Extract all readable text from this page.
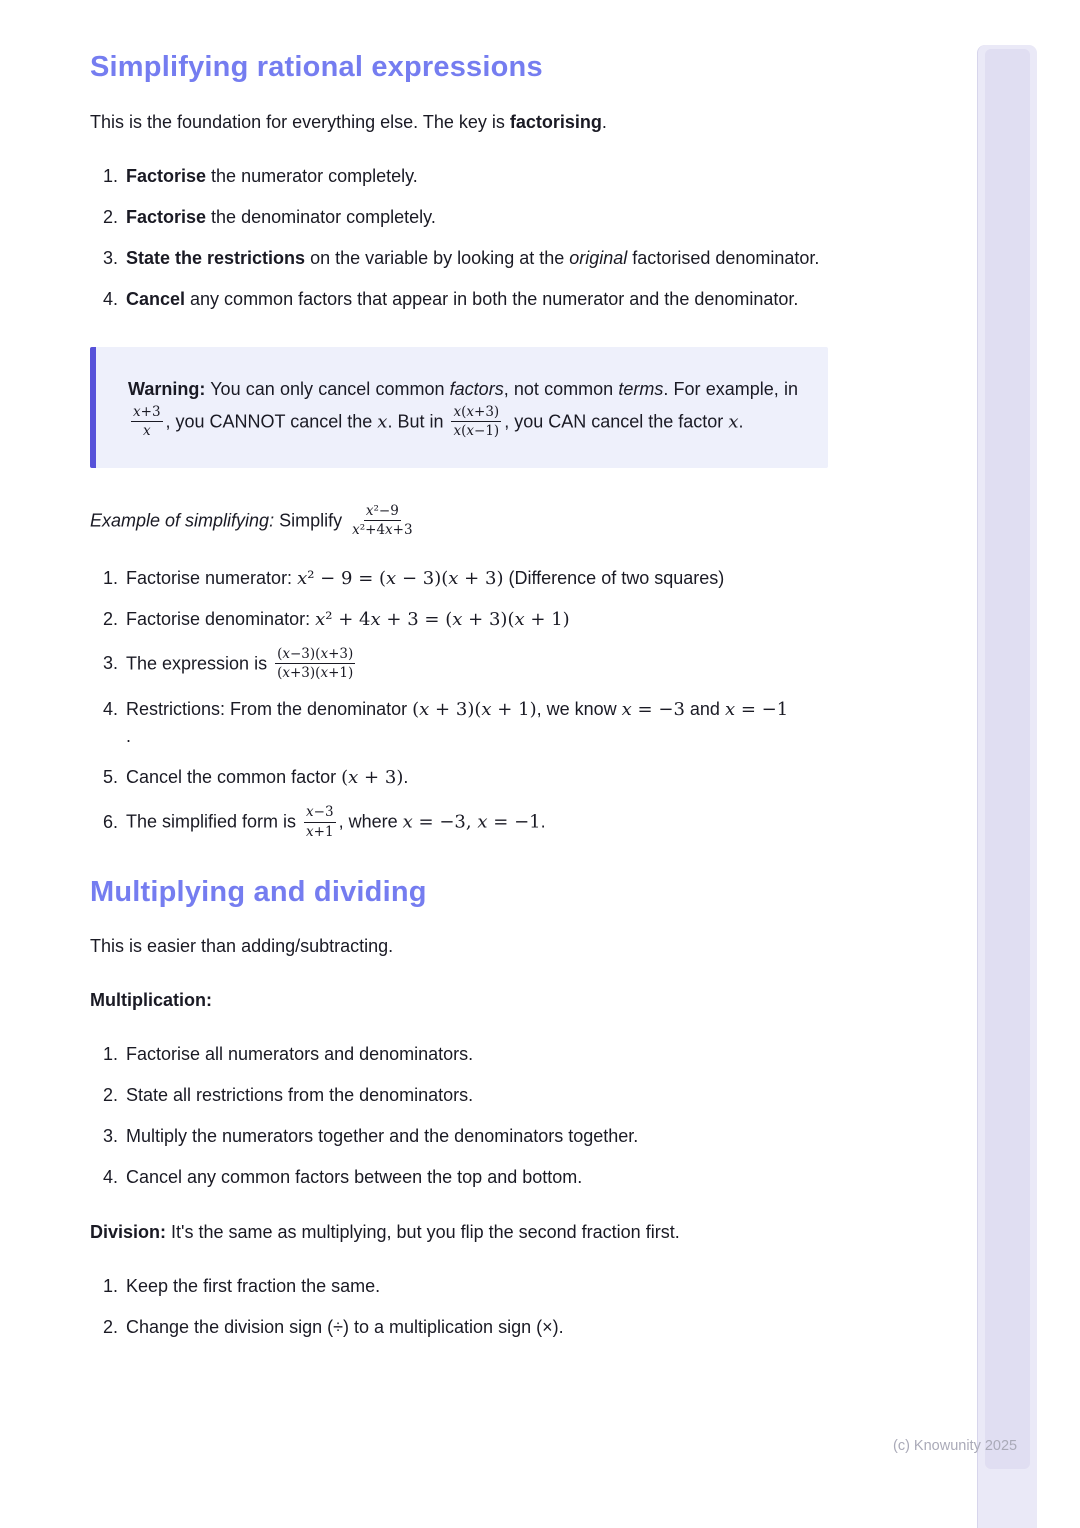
Simplifying rational expressions

This is the foundation for everything else. The key is factorising.

1. Factorise the numerator completely.
2. Factorise the denominator completely.
3. State the restrictions on the variable by looking at the original factorised denominator.
4. Cancel any common factors that appear in both the numerator and the denominator.

Warning: You can only cancel common factors, not common terms. For example, in
$\frac{x+3}{x}$ , you CANNOT cancel the x. But in $\frac{x(x+3)}{x(x-1)}$ , you CAN cancel the factor x.

Example of simplifying: Simplify $\frac{\text{x²−9}}{\text{x²+4x+3}}$

1. Factorise numerator: x² − 9 = (x − 3)(x + 3) (Difference of two squares)
2. Factorise denominator: x² + 4x + 3 = (x + 3)(x + 1)
3. The expression is $\frac{(x-3)(x+3)}{(x+3)(x+1)}$
4. Restrictions: From the denominator (x + 3)(x + 1), we know x = −3 and x = −1
.
5. Cancel the common factor (x + 3).
6. The simplified form is $\frac{x-3}{x+1}$ , where x = −3, x = −1.
Multiplying and dividing

This is easier than adding/subtracting.

Multiplication:

1. Factorise all numerators and denominators.
2. State all restrictions from the denominators.
3. Multiply the numerators together and the denominators together.
4. Cancel any common factors between the top and bottom.

Division: It's the same as multiplying, but you flip the second fraction first.

1. Keep the first fraction the same.
2. Change the division sign (÷) to a multiplication sign (×).
(c) Knowunity 2025
